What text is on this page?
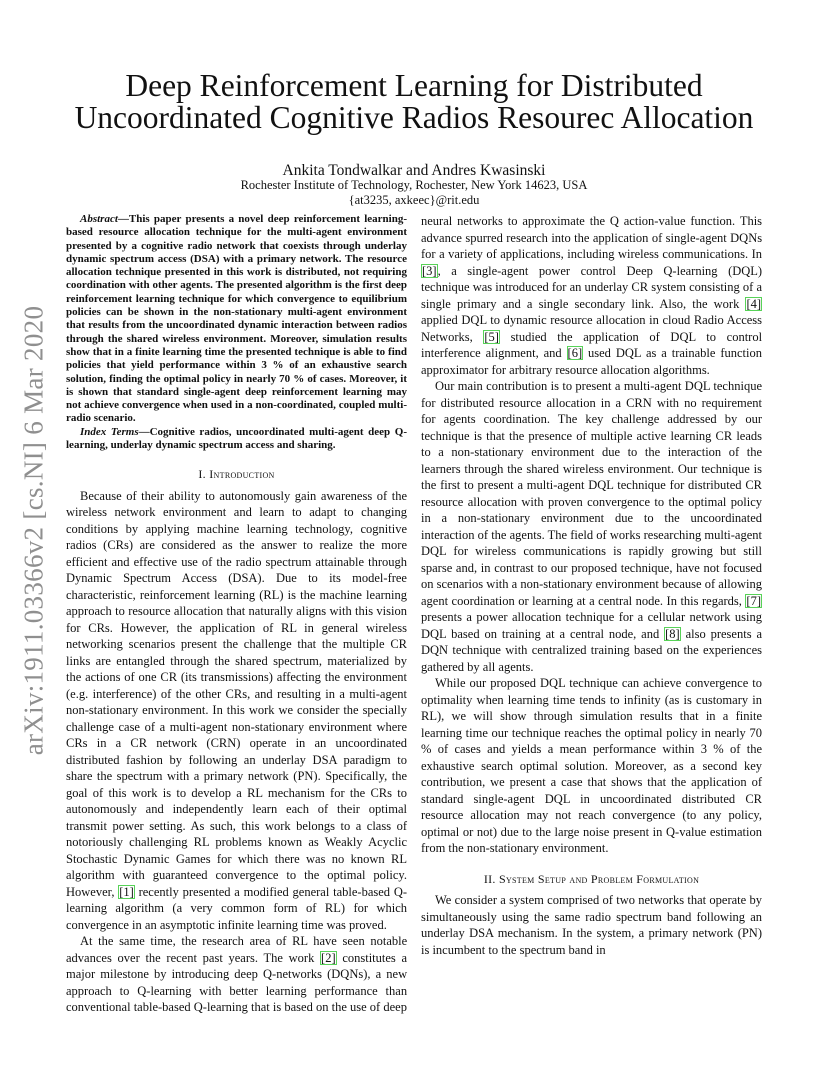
arXiv:1911.03366v2 [cs.NI] 6 Mar 2020
Deep Reinforcement Learning for Distributed Uncoordinated Cognitive Radios Resourec Allocation
Ankita Tondwalkar and Andres Kwasinski
Rochester Institute of Technology, Rochester, New York 14623, USA
{at3235, axkeec}@rit.edu

Abstract—This paper presents a novel deep reinforcement learning-based resource allocation technique for the multi-agent environment presented by a cognitive radio network that coexists through underlay dynamic spectrum access (DSA) with a primary network. The resource allocation technique presented in this work is distributed, not requiring coordination with other agents. The presented algorithm is the first deep reinforcement learning technique for which convergence to equilibrium policies can be shown in the non-stationary multi-agent environment that results from the uncoordinated dynamic interaction between radios through the shared wireless environment. Moreover, simulation results show that in a finite learning time the presented technique is able to find policies that yield performance within 3 % of an exhaustive search solution, finding the optimal policy in nearly 70 % of cases. Moreover, it is shown that standard single-agent deep reinforcement learning may not achieve convergence when used in a non-coordinated, coupled multi-radio scenario.

Index Terms—Cognitive radios, uncoordinated multi-agent deep Q-learning, underlay dynamic spectrum access and sharing.

I. Introduction

Because of their ability to autonomously gain awareness of the wireless network environment and learn to adapt to changing conditions by applying machine learning technology, cognitive radios (CRs) are considered as the answer to realize the more efficient and effective use of the radio spectrum attainable through Dynamic Spectrum Access (DSA). Due to its model-free characteristic, reinforcement learning (RL) is the machine learning approach to resource allocation that naturally aligns with this vision for CRs. However, the application of RL in general wireless networking scenarios present the challenge that the multiple CR links are entangled through the shared spectrum, materialized by the actions of one CR (its transmissions) affecting the environment (e.g. interference) of the other CRs, and resulting in a multi-agent non-stationary environment. In this work we consider the specially challenge case of a multi-agent non-stationary environment where CRs in a CR network (CRN) operate in an uncoordinated distributed fashion by following an underlay DSA paradigm to share the spectrum with a primary network (PN). Specifically, the goal of this work is to develop a RL mechanism for the CRs to autonomously and independently learn each of their optimal transmit power setting. As such, this work belongs to a class of notoriously challenging RL problems known as Weakly Acyclic Stochastic Dynamic Games for which there was no known RL algorithm with guaranteed convergence to the optimal policy. However, [1] recently presented a modified general table-based Q-learning algorithm (a very common form of RL) for which convergence in an asymptotic infinite learning time was proved.

At the same time, the research area of RL have seen notable advances over the recent past years. The work [2] constitutes a major milestone by introducing deep Q-networks (DQNs), a new approach to Q-learning with better learning performance than conventional table-based Q-learning that is based on the use of deep

neural networks to approximate the Q action-value function. This advance spurred research into the application of single-agent DQNs for a variety of applications, including wireless communications. In [3], a single-agent power control Deep Q-learning (DQL) technique was introduced for an underlay CR system consisting of a single primary and a single secondary link. Also, the work [4] applied DQL to dynamic resource allocation in cloud Radio Access Networks, [5] studied the application of DQL to control interference alignment, and [6] used DQL as a trainable function approximator for arbitrary resource allocation algorithms.

Our main contribution is to present a multi-agent DQL technique for distributed resource allocation in a CRN with no requirement for agents coordination. The key challenge addressed by our technique is that the presence of multiple active learning CR leads to a non-stationary environment due to the interaction of the learners through the shared wireless environment. Our technique is the first to present a multi-agent DQL technique for distributed CR resource allocation with proven convergence to the optimal policy in a non-stationary environment due to the uncoordinated interaction of the agents. The field of works researching multi-agent DQL for wireless communications is rapidly growing but still sparse and, in contrast to our proposed technique, have not focused on scenarios with a non-stationary environment because of allowing agent coordination or learning at a central node. In this regards, [7] presents a power allocation technique for a cellular network using DQL based on training at a central node, and [8] also presents a DQN technique with centralized training based on the experiences gathered by all agents.

While our proposed DQL technique can achieve convergence to optimality when learning time tends to infinity (as is customary in RL), we will show through simulation results that in a finite learning time our technique reaches the optimal policy in nearly 70 % of cases and yields a mean performance within 3 % of the exhaustive search optimal solution. Moreover, as a second key contribution, we present a case that shows that the application of standard single-agent DQL in uncoordinated distributed CR resource allocation may not reach convergence (to any policy, optimal or not) due to the large noise present in Q-value estimation from the non-stationary environment.

II. System Setup and Problem Formulation

We consider a system comprised of two networks that operate by simultaneously using the same radio spectrum band following an underlay DSA mechanism. In the system, a primary network (PN) is incumbent to the spectrum band in
